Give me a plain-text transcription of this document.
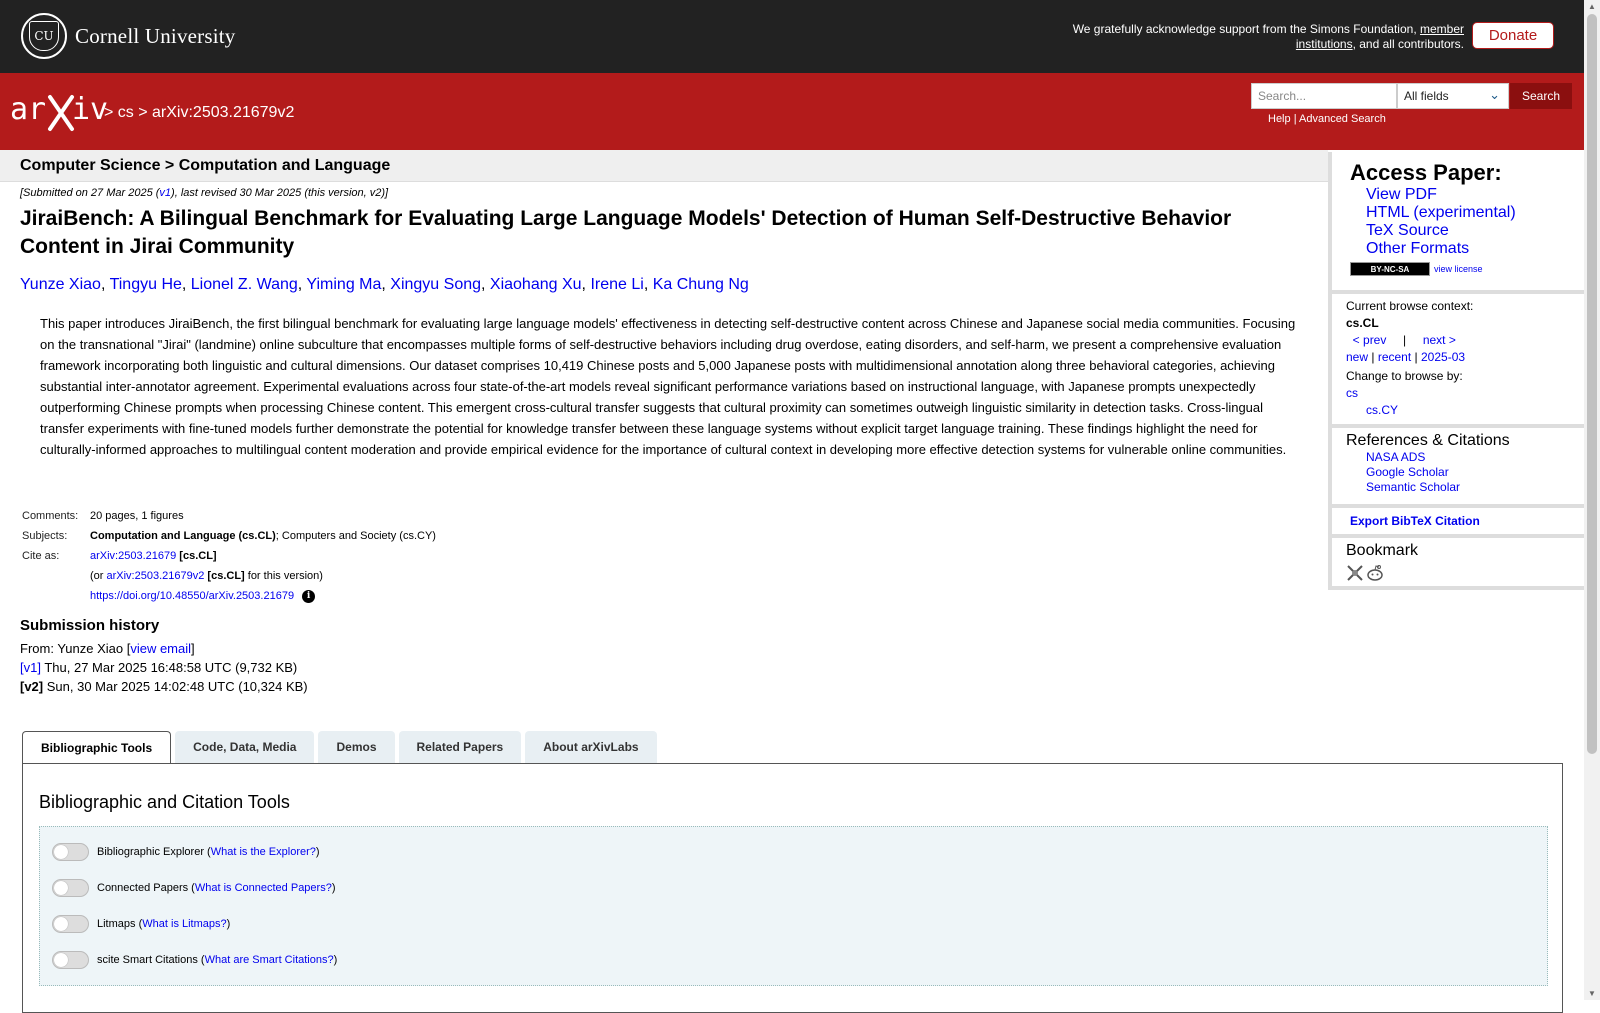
CU Cornell University	We gratefully acknowledge support from the Simons Foundation, member institutions, and all contributors.	Donate
ar iv
> cs > arXiv:2503.21679v2
Search...	All fields	⌄	Search
Help | Advanced Search
Computer Science > Computation and Language
[Submitted on 27 Mar 2025 (v1), last revised 30 Mar 2025 (this version, v2)]
JiraiBench: A Bilingual Benchmark for Evaluating Large Language Models' Detection of Human Self-Destructive Behavior Content in Jirai Community
Yunze Xiao, Tingyu He, Lionel Z. Wang, Yiming Ma, Xingyu Song, Xiaohang Xu, Irene Li, Ka Chung Ng
This paper introduces JiraiBench, the first bilingual benchmark for evaluating large language models' effectiveness in detecting self-destructive content across Chinese and Japanese social media communities. Focusing on the transnational "Jirai" (landmine) online subculture that encompasses multiple forms of self-destructive behaviors including drug overdose, eating disorders, and self-harm, we present a comprehensive evaluation framework incorporating both linguistic and cultural dimensions. Our dataset comprises 10,419 Chinese posts and 5,000 Japanese posts with multidimensional annotation along three behavioral categories, achieving substantial inter-annotator agreement. Experimental evaluations across four state-of-the-art models reveal significant performance variations based on instructional language, with Japanese prompts unexpectedly outperforming Chinese prompts when processing Chinese content. This emergent cross-cultural transfer suggests that cultural proximity can sometimes outweigh linguistic similarity in detection tasks. Cross-lingual transfer experiments with fine-tuned models further demonstrate the potential for knowledge transfer between these language systems without explicit target language training. These findings highlight the need for culturally-informed approaches to multilingual content moderation and provide empirical evidence for the importance of cultural context in developing more effective detection systems for vulnerable online communities.
Comments:	20 pages, 1 figures
Subjects:	Computation and Language (cs.CL); Computers and Society (cs.CY)
Cite as:	arXiv:2503.21679 [cs.CL]
	(or arXiv:2503.21679v2 [cs.CL] for this version)
	https://doi.org/10.48550/arXiv.2503.21679 i
Submission history
From: Yunze Xiao [view email]
[v1] Thu, 27 Mar 2025 16:48:58 UTC (9,732 KB)
[v2] Sun, 30 Mar 2025 14:02:48 UTC (10,324 KB)
Bibliographic Tools	Code, Data, Media	Demos	Related Papers	About arXivLabs
Bibliographic and Citation Tools
Bibliographic Explorer ( What is the Explorer? )
Connected Papers ( What is Connected Papers? )
Litmaps ( What is Litmaps? )
scite Smart Citations ( What are Smart Citations? )
Access Paper:
View PDF
HTML (experimental)
TeX Source
Other Formats
BY-NC-SA	view license
Current browse context:
cs.CL
< prev | next >
new | recent | 2025-03
Change to browse by:
cs
cs.CY
References & Citations
NASA ADS
Google Scholar
Semantic Scholar
Export BibTeX Citation
Bookmark
▲
▼
